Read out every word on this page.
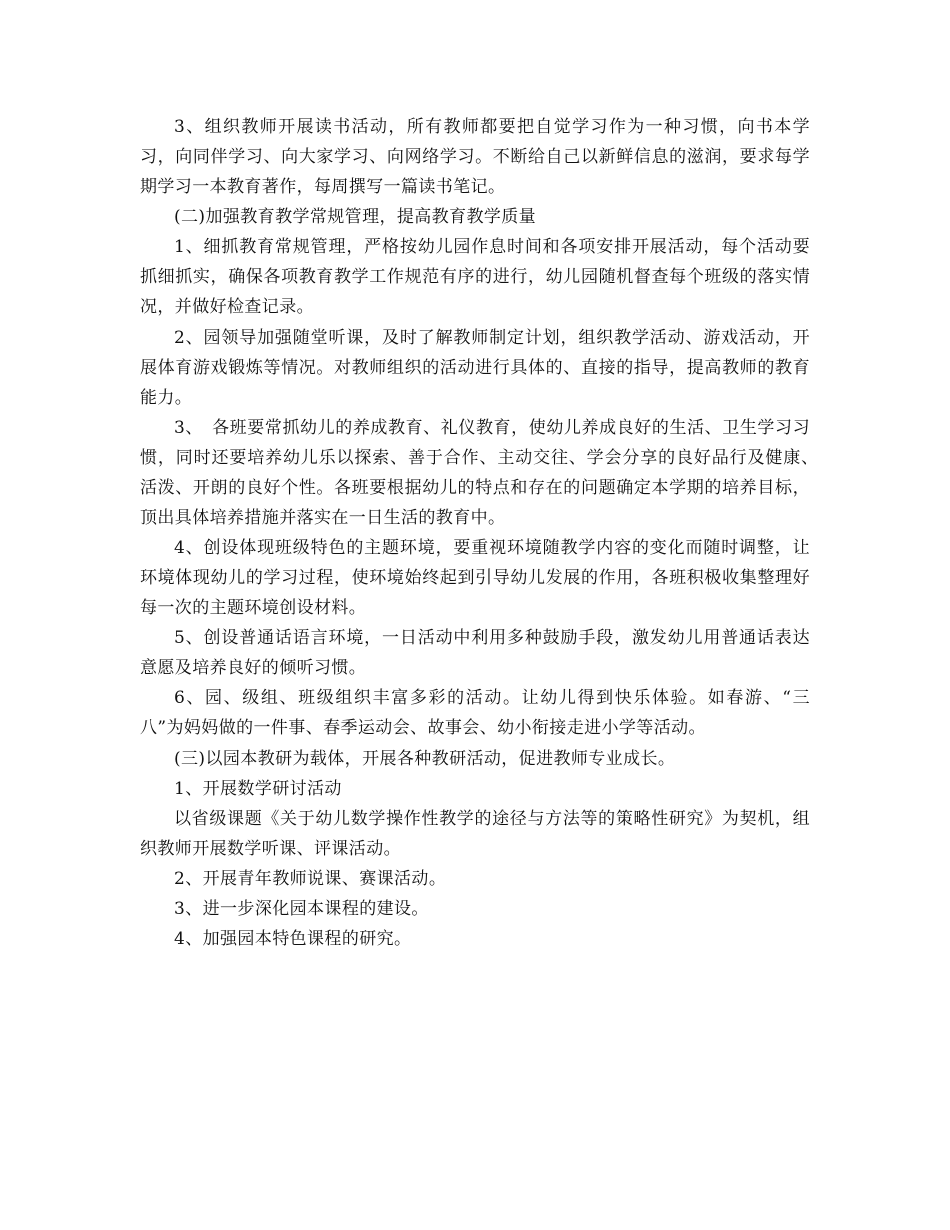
3、组织教师开展读书活动，所有教师都要把自觉学习作为一种习惯，向书本学习，向同伴学习、向大家学习、向网络学习。不断给自己以新鲜信息的滋润，要求每学期学习一本教育著作，每周撰写一篇读书笔记。

(二)加强教育教学常规管理，提高教育教学质量

1、细抓教育常规管理，严格按幼儿园作息时间和各项安排开展活动，每个活动要抓细抓实，确保各项教育教学工作规范有序的进行，幼儿园随机督查每个班级的落实情况，并做好检查记录。

2、园领导加强随堂听课，及时了解教师制定计划，组织教学活动、游戏活动，开展体育游戏锻炼等情况。对教师组织的活动进行具体的、直接的指导，提高教师的教育能力。

3、　各班要常抓幼儿的养成教育、礼仪教育，使幼儿养成良好的生活、卫生学习习惯，同时还要培养幼儿乐以探索、善于合作、主动交往、学会分享的良好品行及健康、　活泼、开朗的良好个性。各班要根据幼儿的特点和存在的问题确定本学期的培养目标，顶出具体培养措施并落实在一日生活的教育中。

4、创设体现班级特色的主题环境，要重视环境随教学内容的变化而随时调整，让环境体现幼儿的学习过程，使环境始终起到引导幼儿发展的作用，各班积极收集整理好每一次的主题环境创设材料。

5、创设普通话语言环境，一日活动中利用多种鼓励手段，激发幼儿用普通话表达意愿及培养良好的倾听习惯。

6、园、级组、班级组织丰富多彩的活动。让幼儿得到快乐体验。如春游、“三八”为妈妈做的一件事、春季运动会、故事会、幼小衔接走进小学等活动。

(三)以园本教研为载体，开展各种教研活动，促进教师专业成长。

1、开展数学研讨活动

以省级课题《关于幼儿数学操作性教学的途径与方法等的策略性研究》为契机，组织教师开展数学听课、评课活动。

2、开展青年教师说课、赛课活动。

3、进一步深化园本课程的建设。

4、加强园本特色课程的研究。
